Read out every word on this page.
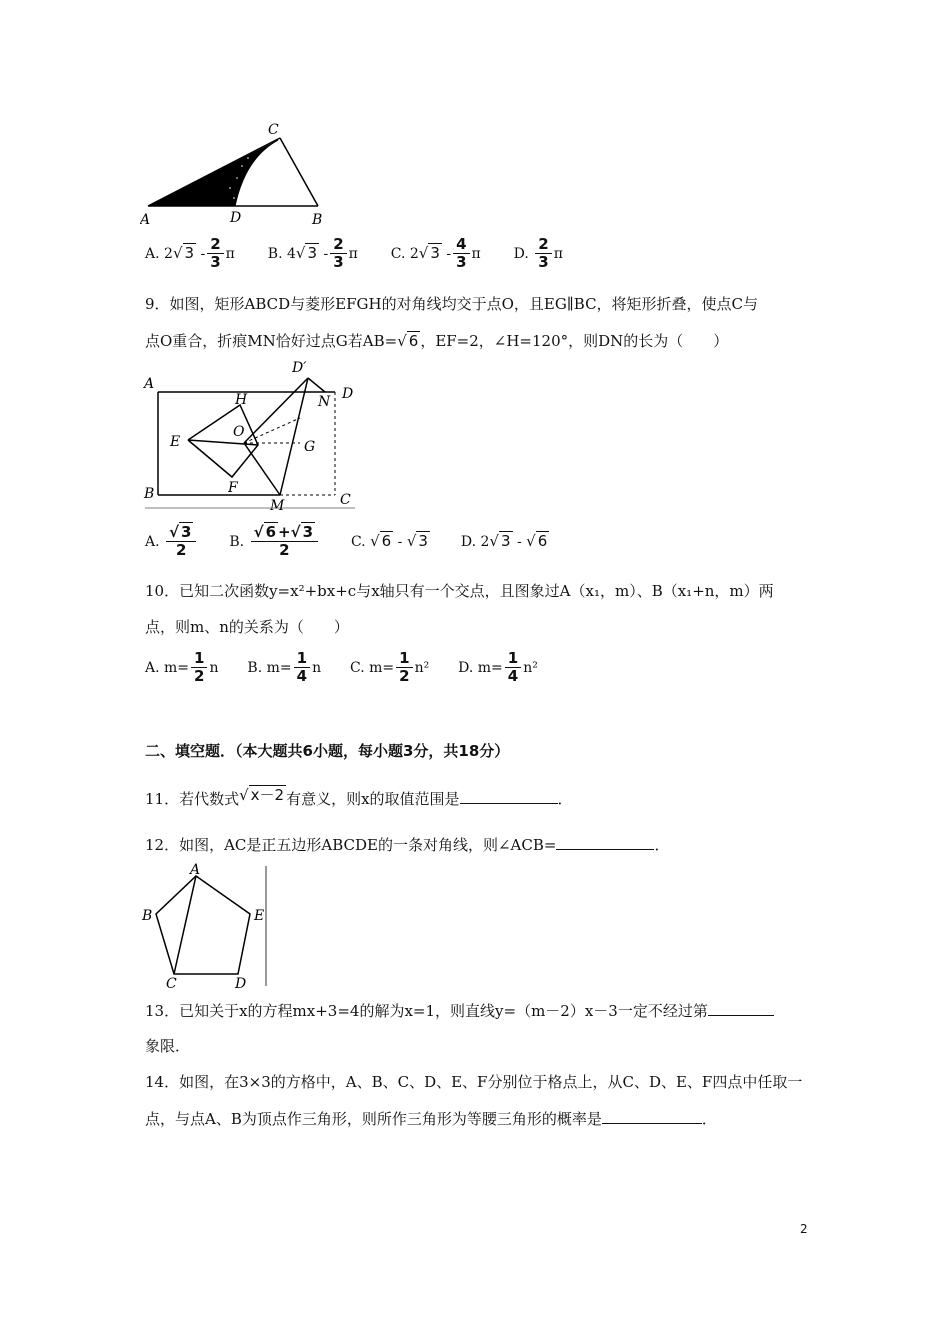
A	D	B
C
A. 2√ $3 - \frac{2}{3}$ π B. 4√ $3 - \frac{2}{3}$ π C. 2√ $3 - \frac{4}{3}$ π D. $\frac{2}{3}$ π
9．如图，矩形ABCD与菱形EFGH的对角线均交于点O，且EG∥BC，将矩形折叠，使点C与
点O重合，折痕MN恰好过点G若AB=√ 6 ，EF=2，∠H=120°，则DN的长为（　　）
A
B	C
D
D′
E
F
G
H
O
M
N
A. $\frac{√ 3}{2} B$. $\frac{√ 6 +√ 3}{2} C$. √ 6 - √ 3 D. 2√ 3 - √ 6
10．已知二次函数y=x²+bx+c与x轴只有一个交点，且图象过A（x₁，m）、B（x₁+n，m）两
点，则m、n的关系为（　　）
A. $m= \frac{1}{2}$ n B. $m= \frac{1}{4}$ n C. $m= \frac{1}{2} n^2$ D. $m= \frac{1}{4} n^2$
二、填空题．（本大题共6小题，每小题3分，共18分）
11．若代数式√ x－2 有意义，则x的取值范围是	．
12．如图，AC是正五边形ABCDE的一条对角线，则∠ACB=	．
A
B
C	D
E
13．已知关于x的方程mx+3=4的解为x=1，则直线y=（m－2）x－3一定不经过第
象限．
14．如图，在3×3的方格中，A、B、C、D、E、F分别位于格点上，从C、D、E、F四点中任取一
点，与点A、B为顶点作三角形，则所作三角形为等腰三角形的概率是	．
2
